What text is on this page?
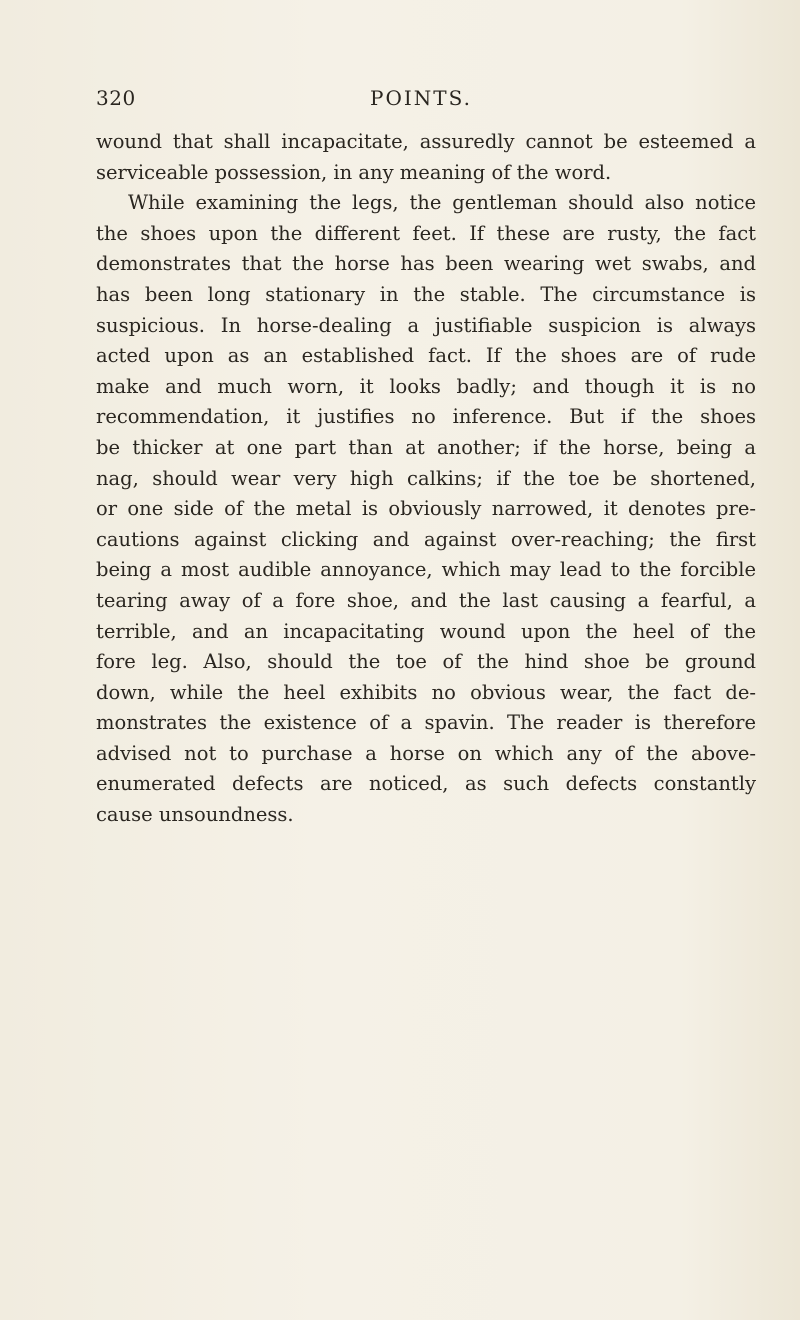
320	POINTS.
wound that shall incapacitate, assuredly cannot be esteemed a
serviceable possession, in any meaning of the word.
While examining the legs, the gentleman should also notice
the shoes upon the different feet. If these are rusty, the fact
demonstrates that the horse has been wearing wet swabs, and
has been long stationary in the stable. The circumstance is
suspicious. In horse-dealing a justifiable suspicion is always
acted upon as an established fact. If the shoes are of rude
make and much worn, it looks badly; and though it is no
recommendation, it justifies no inference. But if the shoes
be thicker at one part than at another; if the horse, being a
nag, should wear very high calkins; if the toe be shortened,
or one side of the metal is obviously narrowed, it denotes pre-
cautions against clicking and against over-reaching; the first
being a most audible annoyance, which may lead to the forcible
tearing away of a fore shoe, and the last causing a fearful, a
terrible, and an incapacitating wound upon the heel of the
fore leg. Also, should the toe of the hind shoe be ground
down, while the heel exhibits no obvious wear, the fact de-
monstrates the existence of a spavin. The reader is therefore
advised not to purchase a horse on which any of the above-
enumerated defects are noticed, as such defects constantly
cause unsoundness.
